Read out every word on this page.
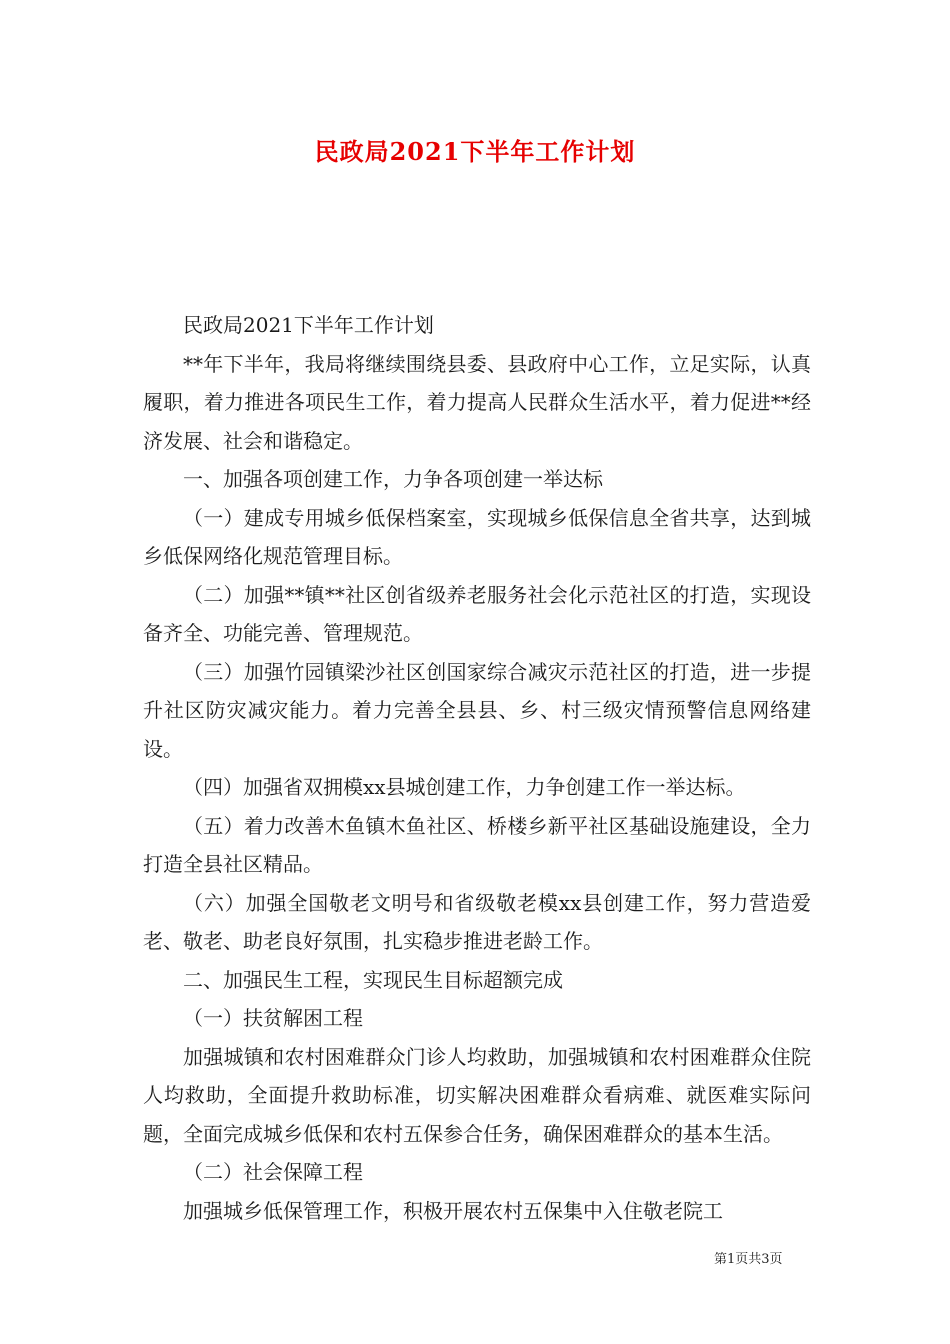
民政局2021下半年工作计划

民政局2021下半年工作计划

**年下半年，我局将继续围绕县委、县政府中心工作，立足实际，认真履职，着力推进各项民生工作，着力提高人民群众生活水平，着力促进**经济发展、社会和谐稳定。

一、加强各项创建工作，力争各项创建一举达标

（一）建成专用城乡低保档案室，实现城乡低保信息全省共享，达到城乡低保网络化规范管理目标。

（二）加强**镇**社区创省级养老服务社会化示范社区的打造，实现设备齐全、功能完善、管理规范。

（三）加强竹园镇梁沙社区创国家综合减灾示范社区的打造，进一步提升社区防灾减灾能力。着力完善全县县、乡、村三级灾情预警信息网络建设。

（四）加强省双拥模xx县城创建工作，力争创建工作一举达标。

（五）着力改善木鱼镇木鱼社区、桥楼乡新平社区基础设施建设，全力打造全县社区精品。

（六）加强全国敬老文明号和省级敬老模xx县创建工作，努力营造爱老、敬老、助老良好氛围，扎实稳步推进老龄工作。

二、加强民生工程，实现民生目标超额完成

（一）扶贫解困工程

加强城镇和农村困难群众门诊人均救助，加强城镇和农村困难群众住院人均救助，全面提升救助标准，切实解决困难群众看病难、就医难实际问题，全面完成城乡低保和农村五保参合任务，确保困难群众的基本生活。

（二）社会保障工程

加强城乡低保管理工作，积极开展农村五保集中入住敬老院工

第1页共3页
